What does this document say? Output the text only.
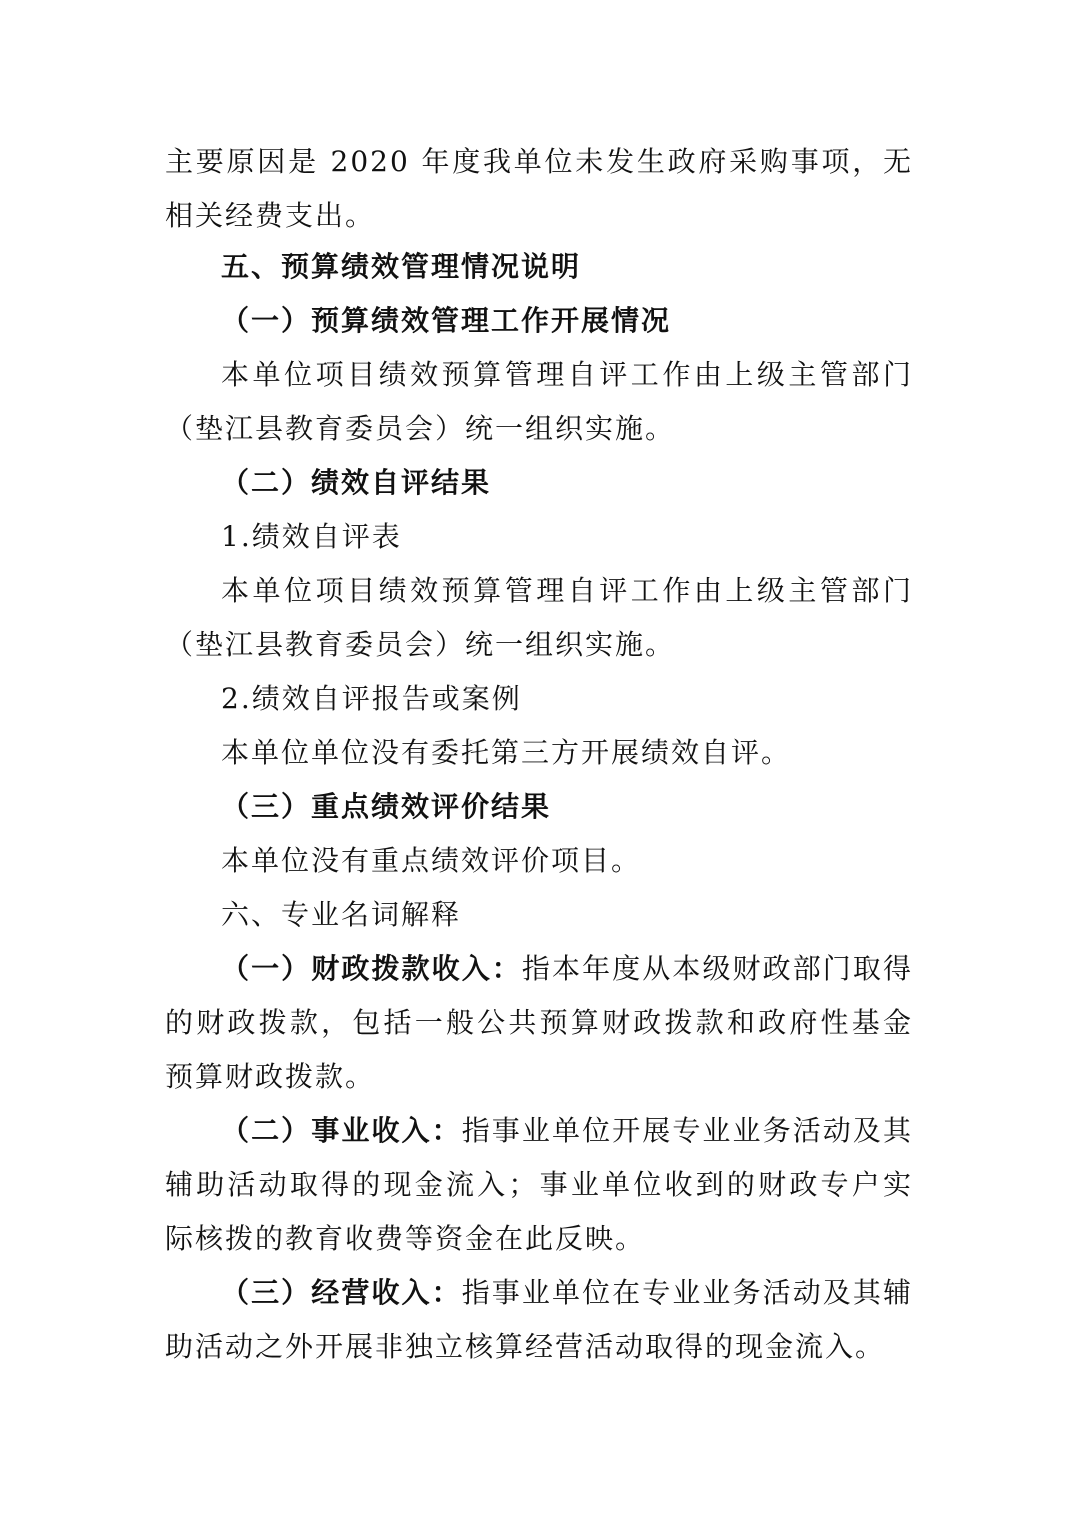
主要原因是 2020 年度我单位未发生政府采购事项，无相关经费支出。
五、预算绩效管理情况说明
（一）预算绩效管理工作开展情况
本单位项目绩效预算管理自评工作由上级主管部门（垫江县教育委员会）统一组织实施。
（二）绩效自评结果
1.绩效自评表
本单位项目绩效预算管理自评工作由上级主管部门（垫江县教育委员会）统一组织实施。
2.绩效自评报告或案例
本单位单位没有委托第三方开展绩效自评。
（三）重点绩效评价结果
本单位没有重点绩效评价项目。
六、专业名词解释
（一）财政拨款收入：指本年度从本级财政部门取得的财政拨款，包括一般公共预算财政拨款和政府性基金预算财政拨款。
（二）事业收入：指事业单位开展专业业务活动及其辅助活动取得的现金流入；事业单位收到的财政专户实际核拨的教育收费等资金在此反映。
（三）经营收入：指事业单位在专业业务活动及其辅助活动之外开展非独立核算经营活动取得的现金流入。
